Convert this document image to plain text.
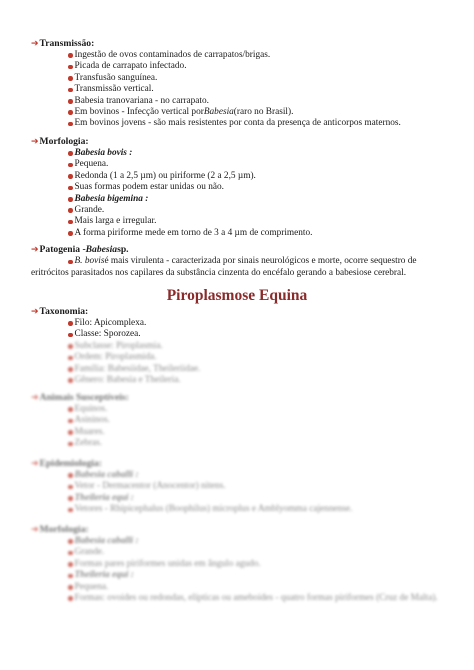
➔ Transmissão:
Ingestão de ovos contaminados de carrapatos/brigas.
Picada de carrapato infectado.
Transfusão sanguínea.
Transmissão vertical.
Babesia tranovariana - no carrapato.
Em bovinos - Infecção vertical por Babesia (raro no Brasil).
Em bovinos jovens - são mais resistentes por conta da presença de anticorpos maternos.
➔ Morfologia:
Babesia bovis :
Pequena.
Redonda (1 a 2,5 µm) ou piriforme (2 a 2,5 µm).
Suas formas podem estar unidas ou não.
Babesia bigemina :
Grande.
Mais larga e irregular.
A forma piriforme mede em torno de 3 a 4 µm de comprimento.
➔ Patogenia - Babesia sp.
B. bovis é mais virulenta - caracterizada por sinais neurológicos e morte, ocorre sequestro de
eritrócitos parasitados nos capilares da substância cinzenta do encéfalo gerando a babesiose cerebral.
Piroplasmose Equina
➔ Taxonomia:
Filo: Apicomplexa.
Classe: Sporozea.
Subclasse: Piroplasmia.
Ordem: Piroplasmida.
Família: Babesiidae, Theileriidae.
Gênero: Babesia e Theileria.
➔ Animais Susceptíveis:
Equinos.
Asininos.
Muares.
Zebras.
➔ Epidemiologia:
Babesia caballi :
Vetor - Dermacentor (Anocentor) nitens.
Theileria equi :
Vetores - Rhipicephalus (Boophilus) microplus e Amblyomma cajennense.
➔ Morfologia:
Babesia caballi :
Grande.
Formas pares piriformes unidas em ângulo agudo.
Theileria equi :
Pequena.
Formas: ovoides ou redondas, elípticas ou ameboides - quatro formas piriformes (Cruz de Malta).
